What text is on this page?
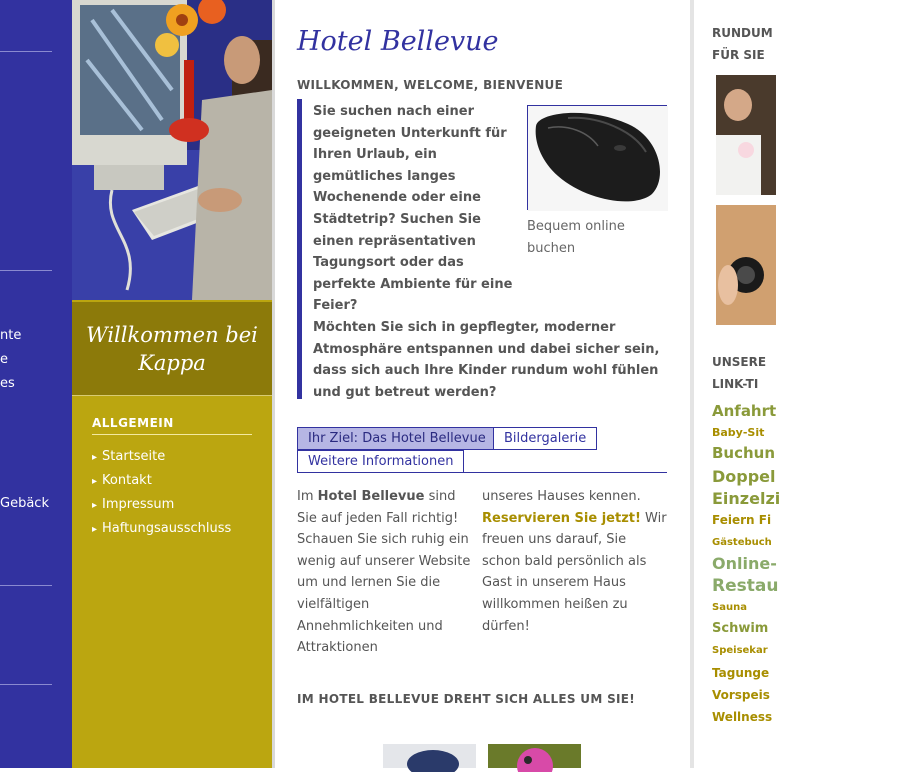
nte
e
es
Gebäck
Willkommen bei Kappa
ALLGEMEIN
▸ Startseite
▸ Kontakt
▸ Impressum
▸ Haftungsausschluss
Hotel Bellevue
WILLKOMMEN, WELCOME, BIENVENUE
Sie suchen nach einer geeigneten Unterkunft für Ihren Urlaub, ein gemütliches langes Wochenende oder eine Städtetrip? Suchen Sie einen repräsentativen Tagungsort oder das perfekte Ambiente für eine Feier?
Möchten Sie sich in gepflegter, moderner Atmosphäre entspannen und dabei sicher sein, dass sich auch Ihre Kinder rundum wohl fühlen und gut betreut werden?
Bequem online buchen
Ihr Ziel: Das Hotel Bellevue	Bildergalerie
Weitere Informationen
Im Hotel Bellevue sind Sie auf jeden Fall richtig! Schauen Sie sich ruhig ein wenig auf unserer Website um und lernen Sie die vielfältigen Annehmlichkeiten und Attraktionen
unseres Hauses kennen.
Reservieren Sie jetzt! Wir freuen uns darauf, Sie schon bald persönlich als Gast in unserem Haus willkommen heißen zu dürfen!
IM HOTEL BELLEVUE DREHT SICH ALLES UM SIE!
RUNDUM
FÜR SIE
UNSERE
LINK-TI
Anfahrt
Baby-Sit
Buchun
Doppel
Einzelzi
Feiern Fi
Gästebuch
Online-
Restau
Sauna
Schwim
Speisekar
Tagunge
Vorspeis
Wellness
